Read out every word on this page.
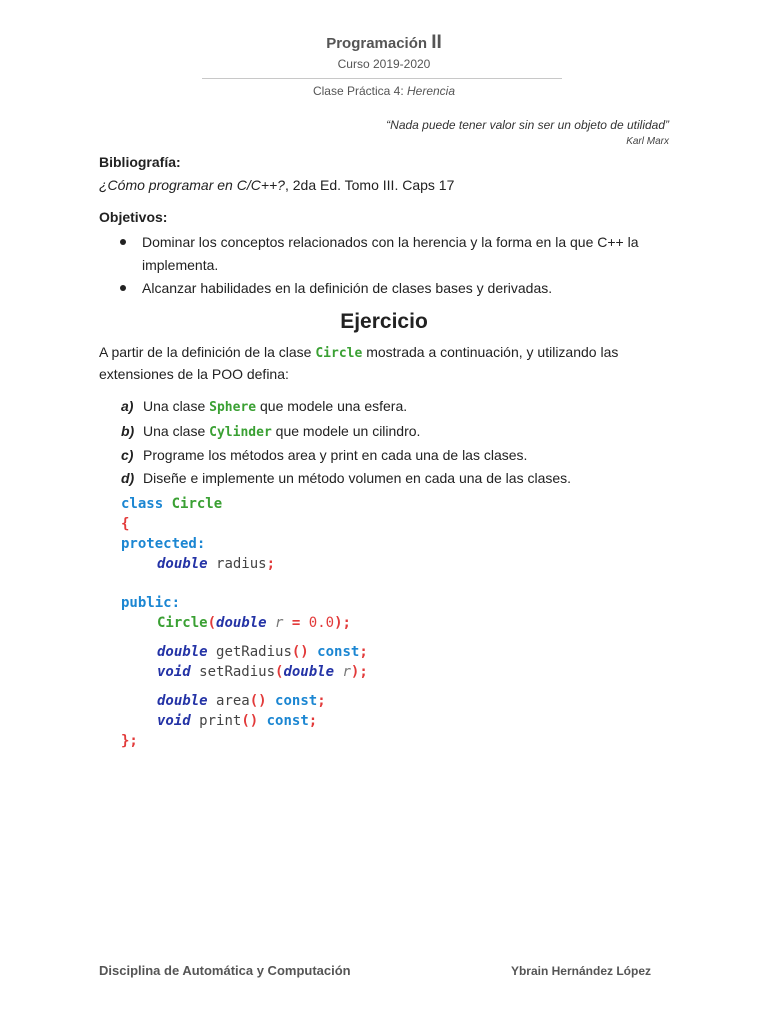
Programación II
Curso 2019-2020
Clase Práctica 4: Herencia
“Nada puede tener valor sin ser un objeto de utilidad”
Karl Marx
Bibliografía:
¿Cómo programar en C/C++?, 2da Ed. Tomo III. Caps 17
Objetivos:
Dominar los conceptos relacionados con la herencia y la forma en la que C++ la implementa.
Alcanzar habilidades en la definición de clases bases y derivadas.
Ejercicio
A partir de la definición de la clase Circle mostrada a continuación, y utilizando las extensiones de la POO defina:
a) Una clase Sphere que modele una esfera.
b) Una clase Cylinder que modele un cilindro.
c) Programe los métodos area y print en cada una de las clases.
d) Diseñe e implemente un método volumen en cada una de las clases.
class Circle
{
protected:
double radius;
public:
Circle(double r = 0.0);
double getRadius() const;
void setRadius(double r);
double area() const;
void print() const;
};
Disciplina de Automática y Computación	Ybrain Hernández López
